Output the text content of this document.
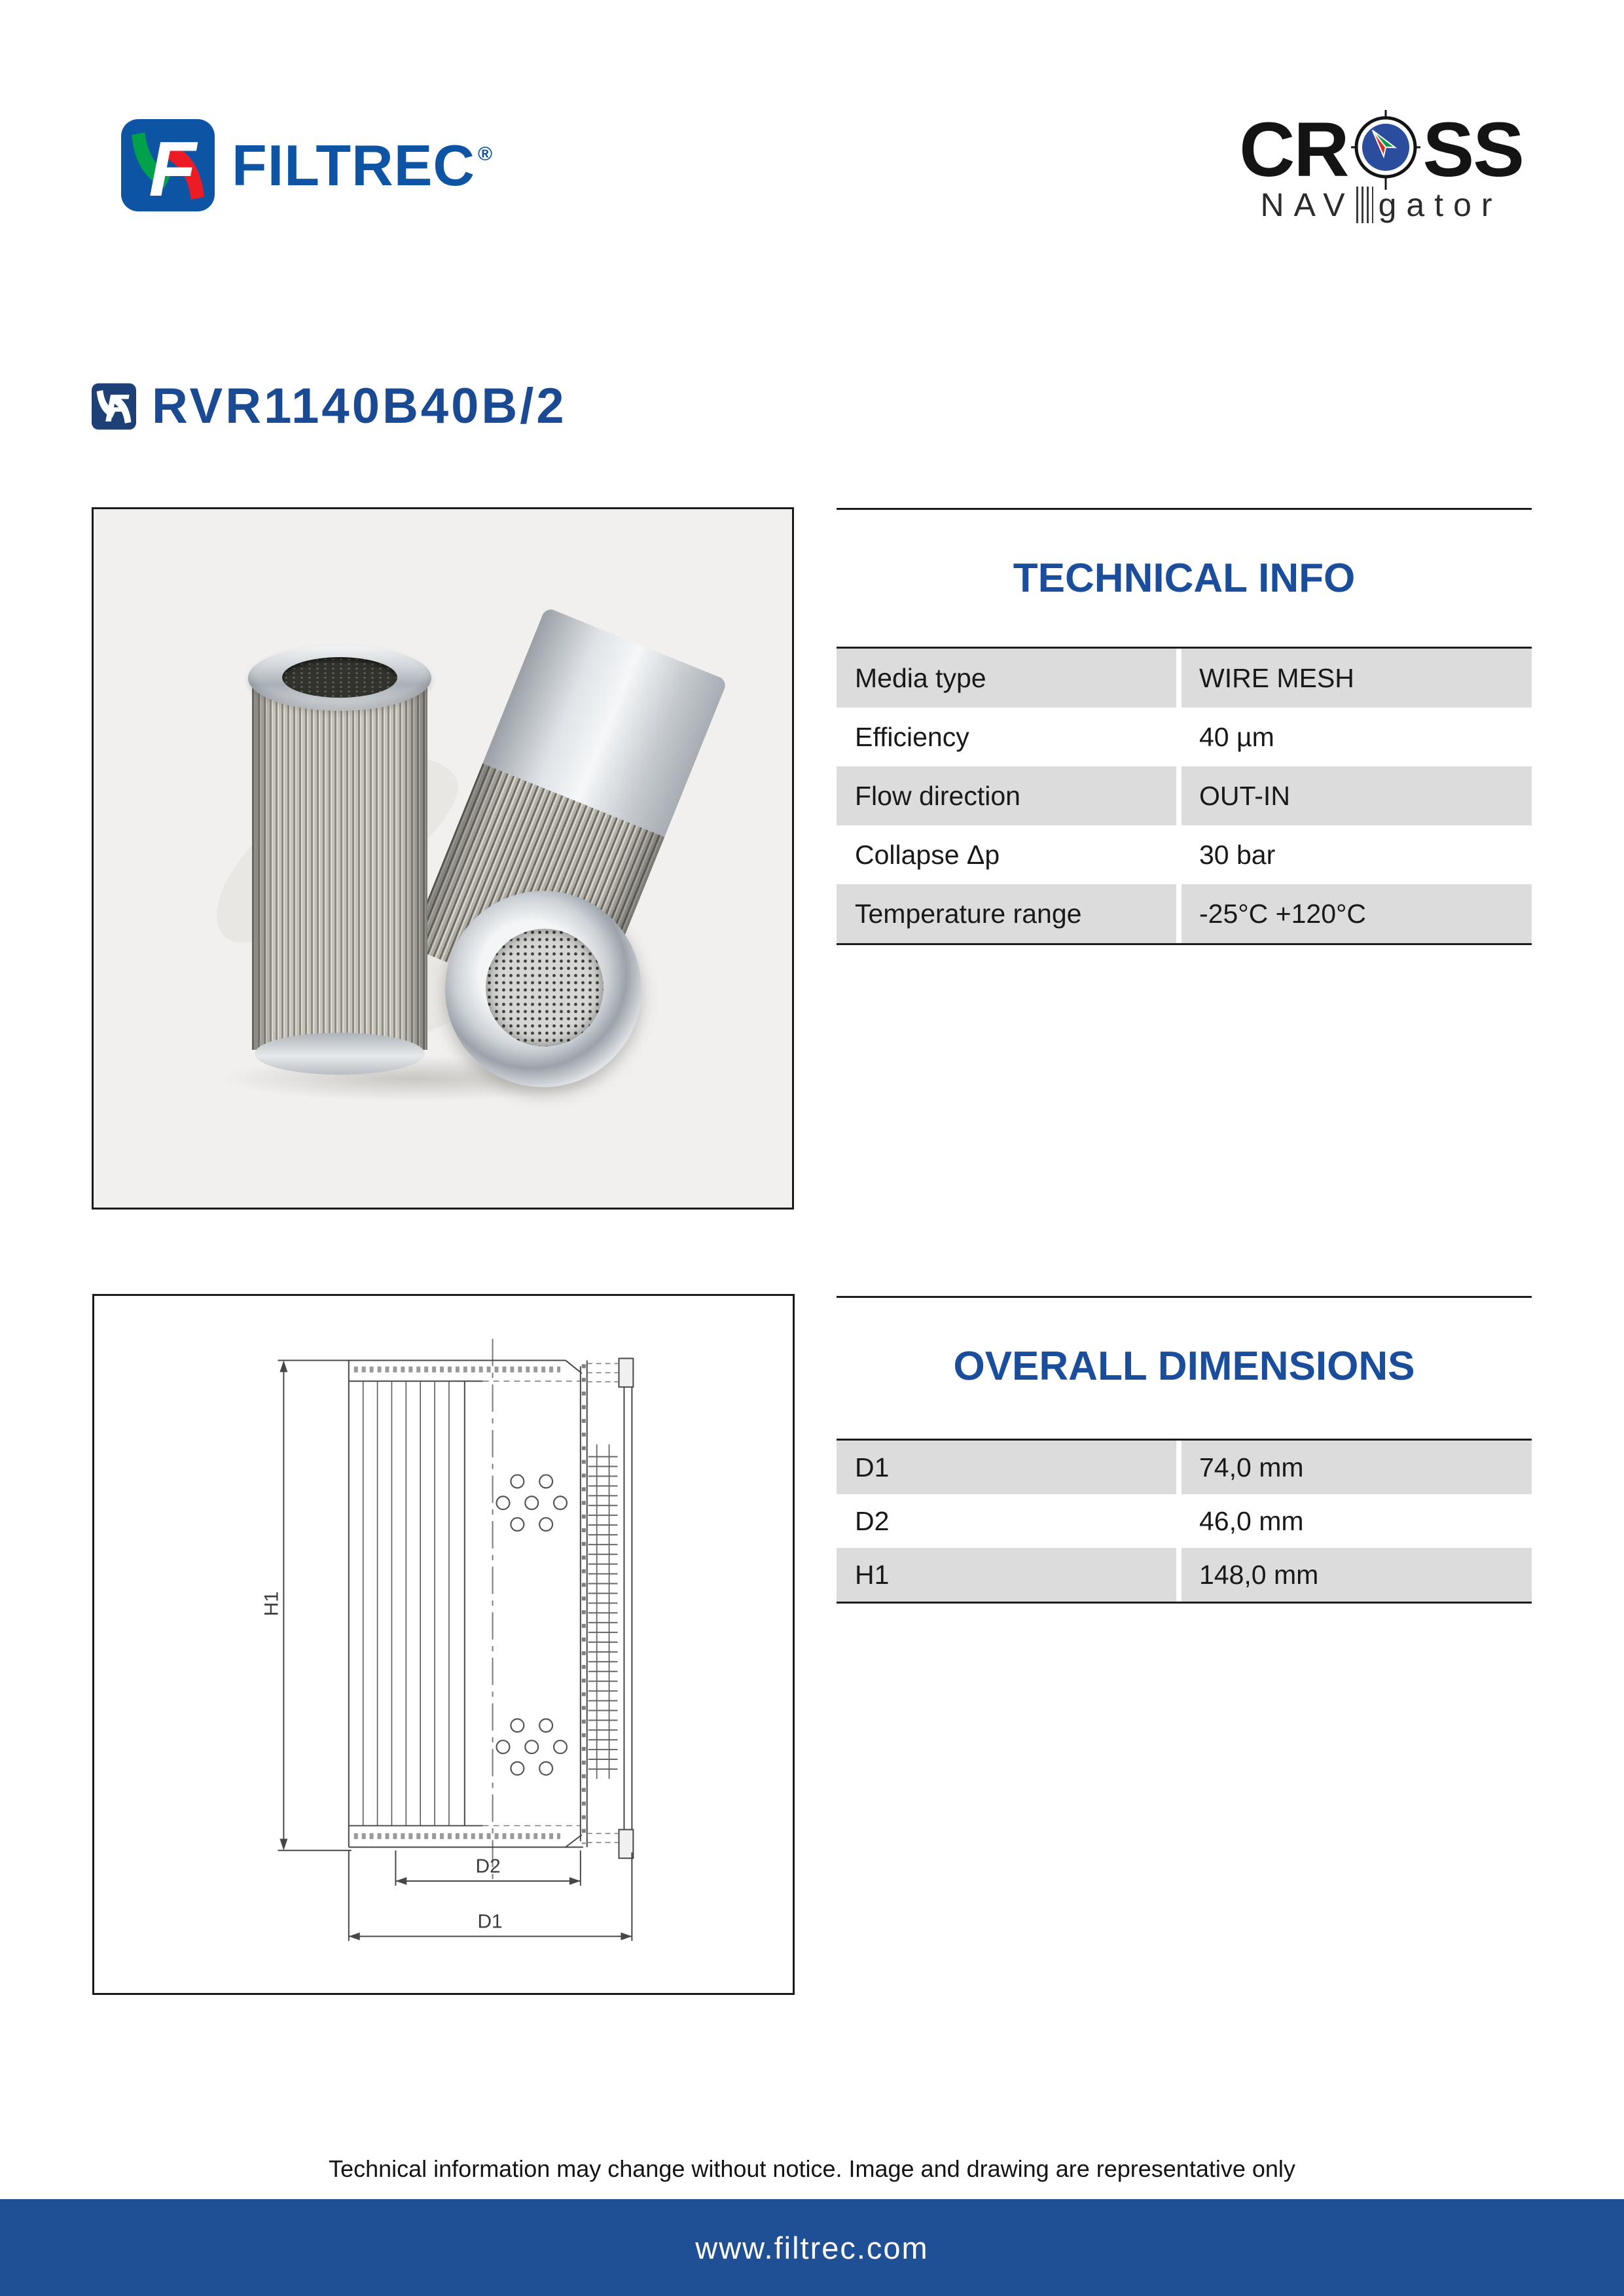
F FILTREC ®	CR SS
NAV gator
F RVR1140B40B/2
TECHNICAL INFO
Media type	WIRE MESH
Efficiency	40 µm
Flow direction	OUT-IN
Collapse Δp	30 bar
Temperature range	-25°C +120°C
H1
D2
D1
OVERALL DIMENSIONS
D1	74,0 mm
D2	46,0 mm
H1	148,0 mm
Technical information may change without notice. Image and drawing are representative only
www.filtrec.com
